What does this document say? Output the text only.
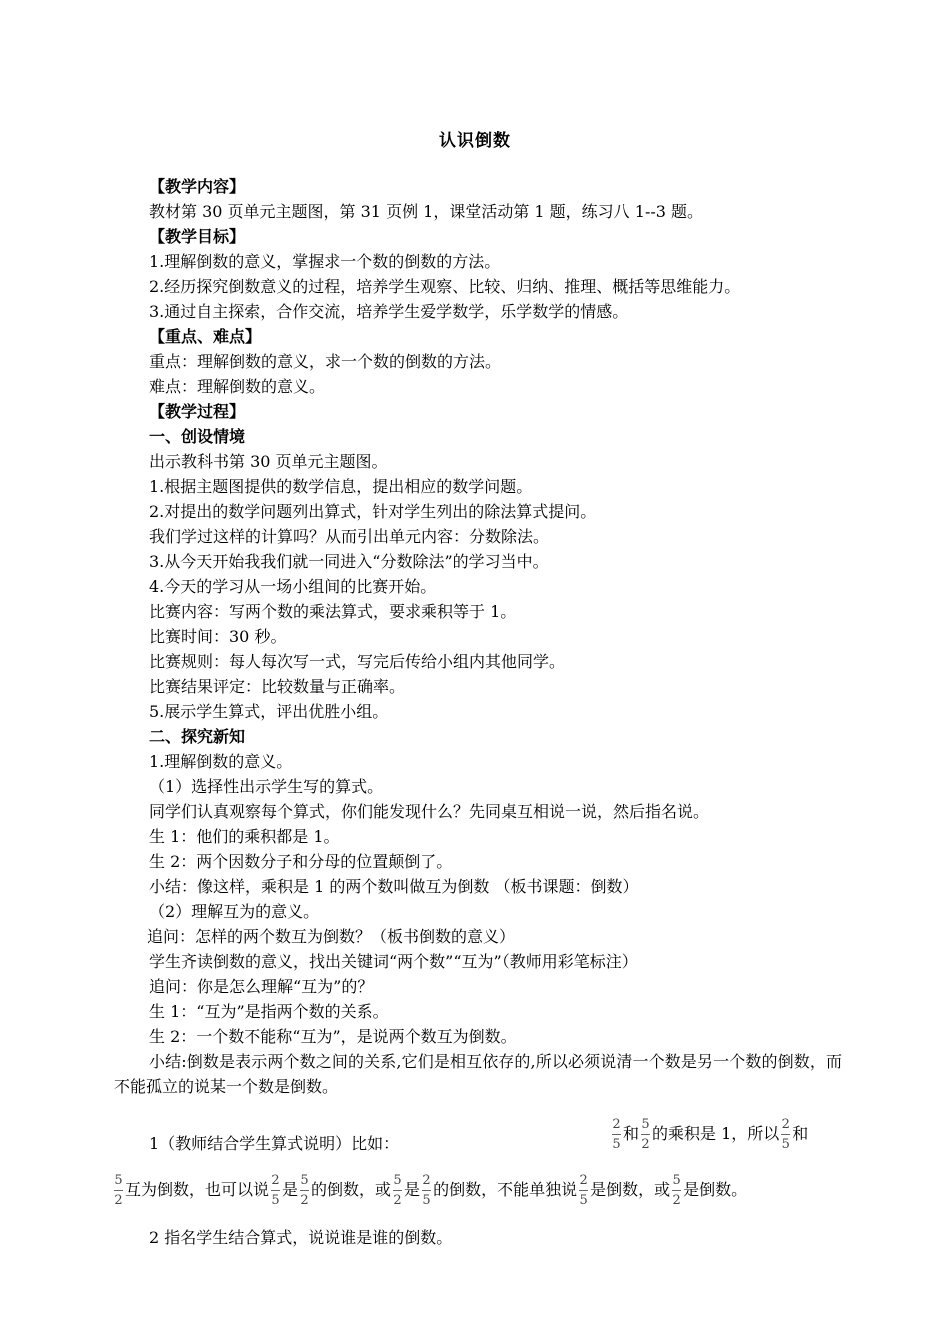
认识倒数
【教学内容】
教材第 30 页单元主题图，第 31 页例 1，课堂活动第 1 题，练习八 1--3 题。
【教学目标】
1.理解倒数的意义，掌握求一个数的倒数的方法。
2.经历探究倒数意义的过程，培养学生观察、比较、归纳、推理、概括等思维能力。
3.通过自主探索，合作交流，培养学生爱学数学，乐学数学的情感。
【重点、难点】
重点：理解倒数的意义，求一个数的倒数的方法。
难点：理解倒数的意义。
【教学过程】
一、创设情境
出示教科书第 30 页单元主题图。
1.根据主题图提供的数学信息，提出相应的数学问题。
2.对提出的数学问题列出算式，针对学生列出的除法算式提问。
我们学过这样的计算吗？从而引出单元内容：分数除法。
3.从今天开始我我们就一同进入“分数除法”的学习当中。
4.今天的学习从一场小组间的比赛开始。
比赛内容：写两个数的乘法算式，要求乘积等于 1。
比赛时间：30 秒。
比赛规则：每人每次写一式，写完后传给小组内其他同学。
比赛结果评定：比较数量与正确率。
5.展示学生算式，评出优胜小组。
二、探究新知
1.理解倒数的意义。
（1）选择性出示学生写的算式。
同学们认真观察每个算式，你们能发现什么？先同桌互相说一说，然后指名说。
生 1：他们的乘积都是 1。
生 2：两个因数分子和分母的位置颠倒了。
小结：像这样，乘积是 1 的两个数叫做互为倒数 （板书课题：倒数）
（2）理解互为的意义。
追问：怎样的两个数互为倒数？（板书倒数的意义）
学生齐读倒数的意义，找出关键词“两个数”“互为”（教师用彩笔标注）
追问：你是怎么理解“互为”的？
生 1：“互为”是指两个数的关系。
生 2：一个数不能称“互为”，是说两个数互为倒数。

小结:倒数是表示两个数之间的关系,它们是相互依存的,所以必须说清一个数是另一个数的倒数，而不能孤立的说某一个数是倒数。

1（教师结合学生算式说明）比如：	$\frac{2}{5}$ 和 $\frac{5}{2}$ 的乘积是 1，所以 $\frac{2}{5}$ 和
$\frac{5}{2}$ 互为倒数，也可以说 $\frac{2}{5}$ 是 $\frac{5}{2}$ 的倒数，或 $\frac{5}{2}$ 是 $\frac{2}{5}$ 的倒数，不能单独说 $\frac{2}{5}$ 是倒数，或 $\frac{5}{2}$ 是倒数。
2 指名学生结合算式，说说谁是谁的倒数。
